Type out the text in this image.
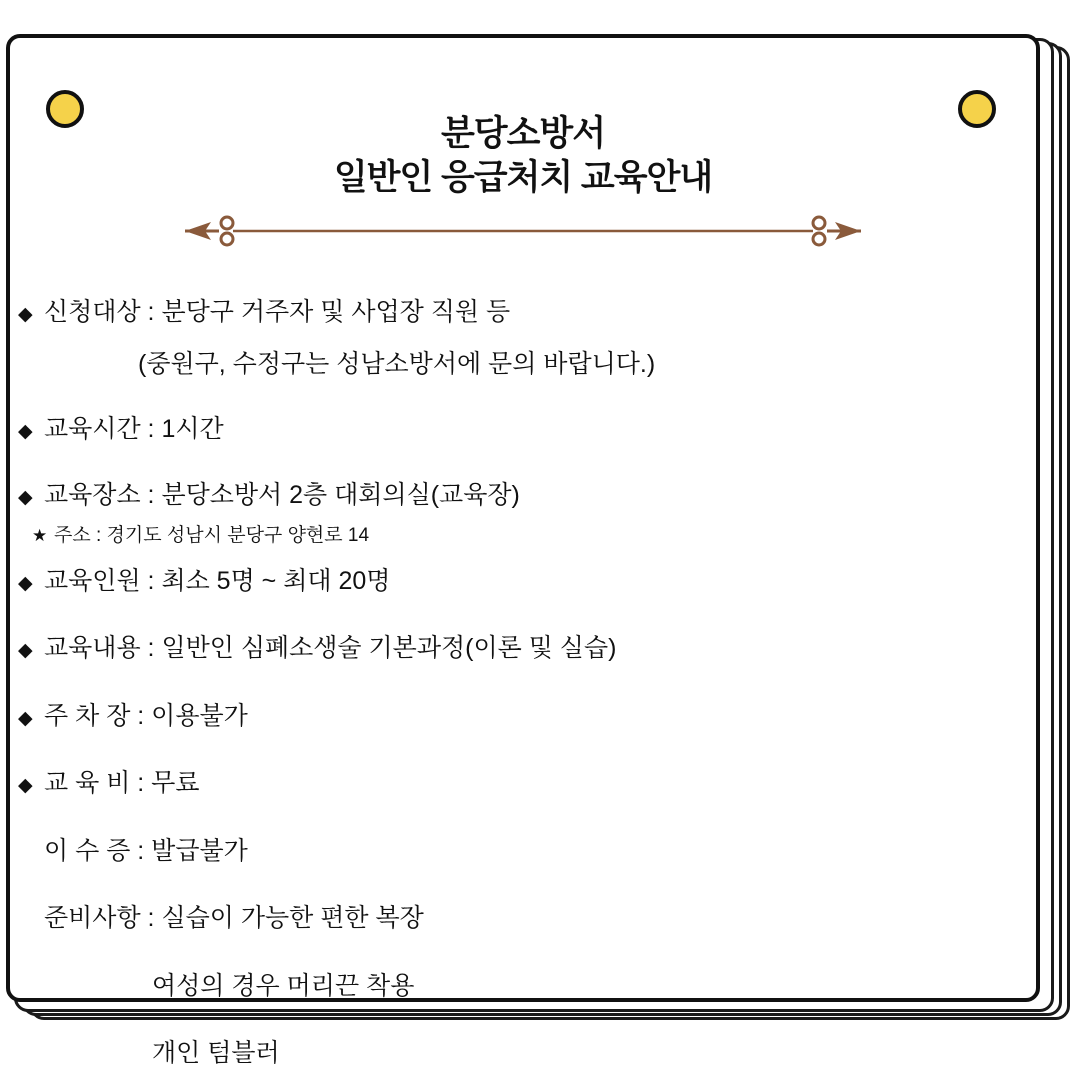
분당소방서
일반인 응급처치 교육안내
◆ 신청대상 : 분당구 거주자 및 사업장 직원 등
(중원구, 수정구는 성남소방서에 문의 바랍니다.)
◆ 교육시간 : 1시간
◆ 교육장소 : 분당소방서 2층 대회의실(교육장)
★ 주소 : 경기도 성남시 분당구 양현로 14
◆ 교육인원 : 최소 5명 ~ 최대 20명
◆ 교육내용 : 일반인 심폐소생술 기본과정(이론 및 실습)
◆ 주 차 장 : 이용불가
◆ 교 육 비 : 무료
이 수 증 : 발급불가
준비사항 : 실습이 가능한 편한 복장
여성의 경우 머리끈 착용
개인 텀블러
